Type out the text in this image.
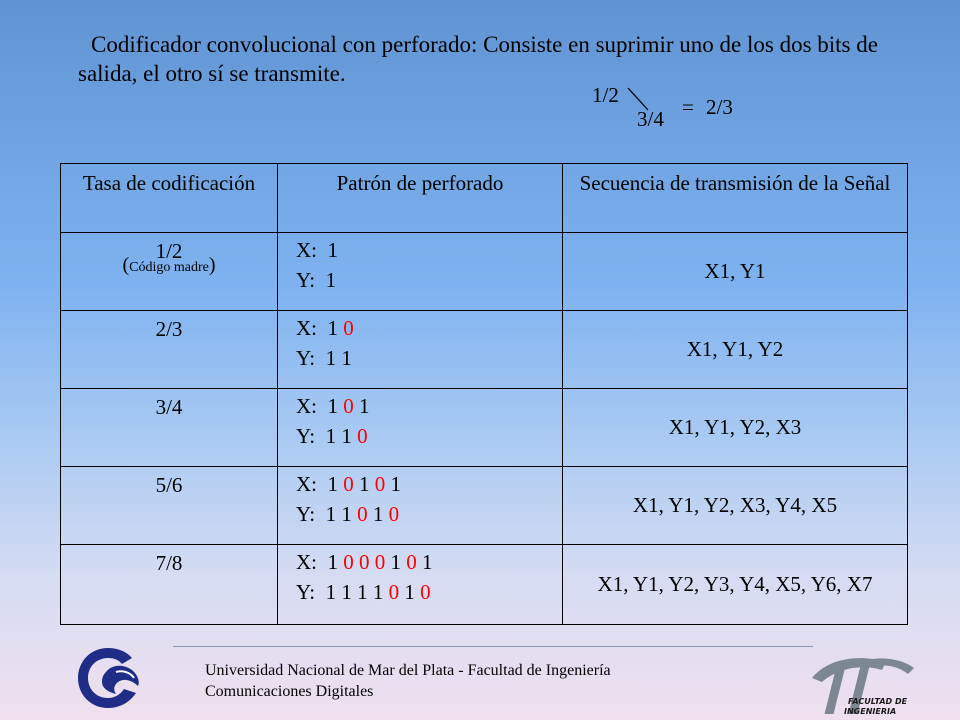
Codificador convolucional con perforado: Consiste en suprimir uno de los dos bits de salida, el otro sí se transmite.
1/2
3/4 = 2/3
Tasa de codificación	Patrón de perforado	Secuencia de transmisión de la Señal

1/2
(Código madre)	X:  1
Y:  1	X1, Y1

2/3	X:  1 0
Y:  1 1	X1, Y1, Y2

3/4	X:  1 0 1
Y:  1 1 0	X1, Y1, Y2, X3

5/6	X:  1 0 1 0 1
Y:  1 1 0 1 0	X1, Y1, Y2, X3, Y4, X5

7/8	X:  1 0 0 0 1 0 1
Y:  1 1 1 1 0 1 0	X1, Y1, Y2, Y3, Y4, X5, Y6, X7
Universidad Nacional de Mar del Plata - Facultad de Ingeniería
Comunicaciones Digitales
FACULTAD DE
INGENIERIA
